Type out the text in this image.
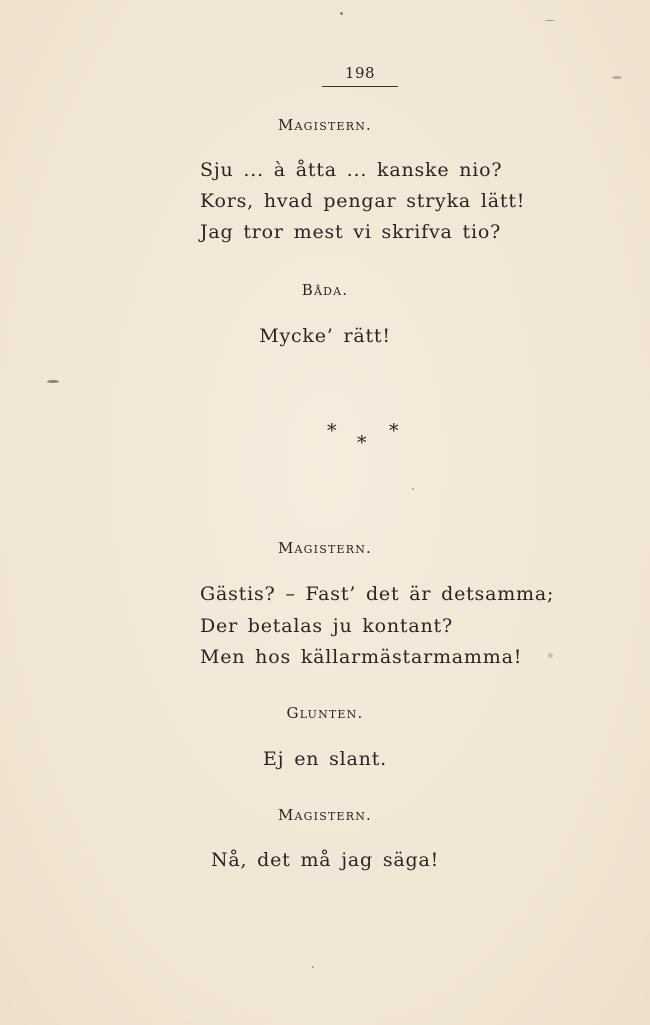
198
Magistern.
Sju ... à åtta ... kanske nio?
Kors, hvad pengar stryka lätt!
Jag tror mest vi skrifva tio?
Båda.
Mycke’ rätt!
*
*
*
Magistern.
Gästis? – Fast’ det är detsamma;
Der betalas ju kontant?
Men hos källarmästarmamma!
Glunten.
Ej en slant.
Magistern.
Nå, det må jag säga!
